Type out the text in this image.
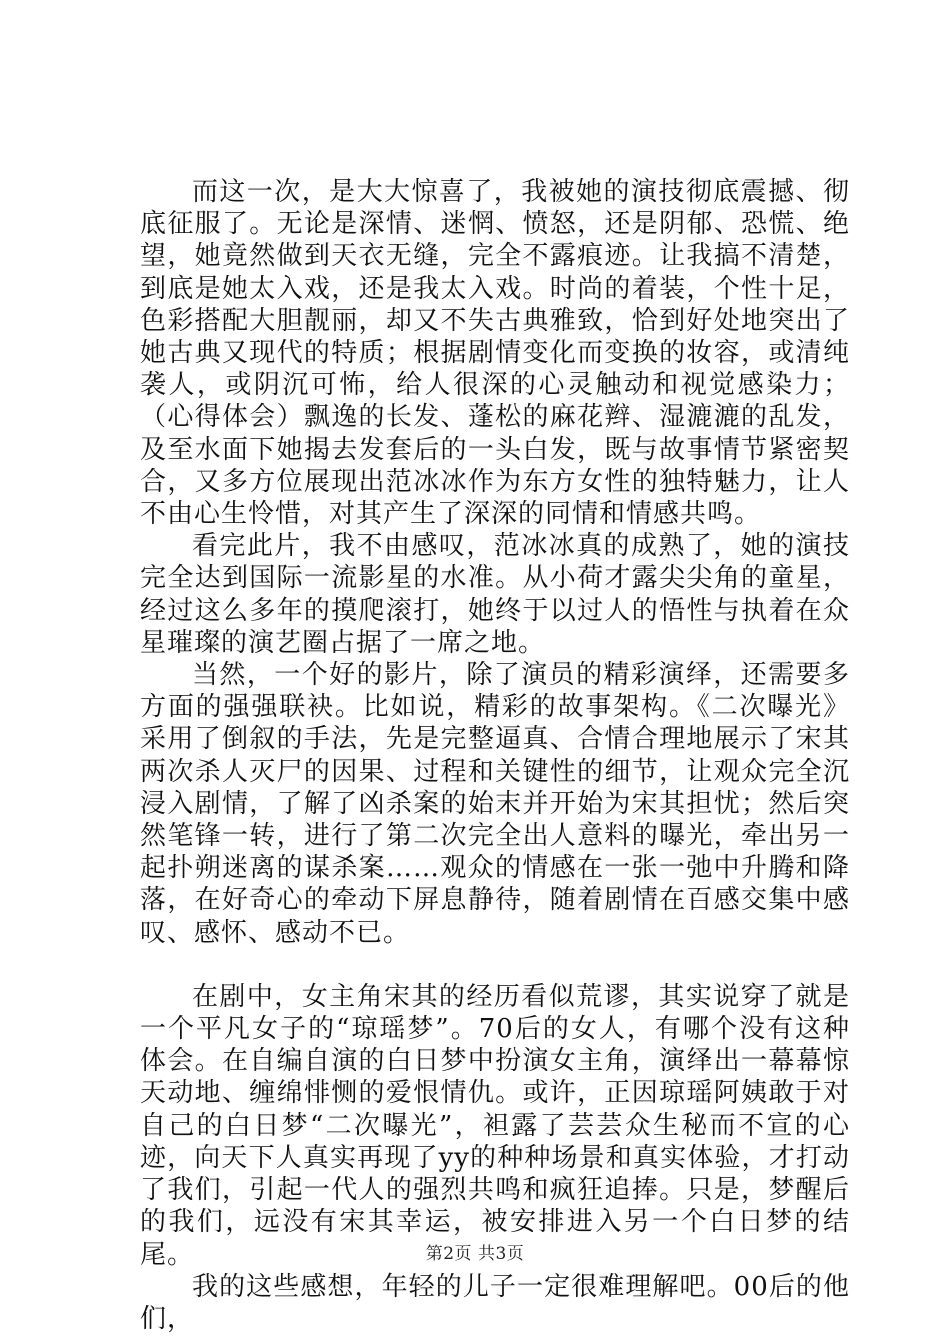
而这一次，是大大惊喜了，我被她的演技彻底震撼、彻底征服了。无论是深情、迷惘、愤怒，还是阴郁、恐慌、绝望，她竟然做到天衣无缝，完全不露痕迹。让我搞不清楚，到底是她太入戏，还是我太入戏。时尚的着装，个性十足，色彩搭配大胆靓丽，却又不失古典雅致，恰到好处地突出了她古典又现代的特质；根据剧情变化而变换的妆容，或清纯袭人，或阴沉可怖，给人很深的心灵触动和视觉感染力；（心得体会）飘逸的长发、蓬松的麻花辫、湿漉漉的乱发，及至水面下她揭去发套后的一头白发，既与故事情节紧密契合，又多方位展现出范冰冰作为东方女性的独特魅力，让人不由心生怜惜，对其产生了深深的同情和情感共鸣。

看完此片，我不由感叹，范冰冰真的成熟了，她的演技完全达到国际一流影星的水准。从小荷才露尖尖角的童星，经过这么多年的摸爬滚打，她终于以过人的悟性与执着在众星璀璨的演艺圈占据了一席之地。

当然，一个好的影片，除了演员的精彩演绎，还需要多方面的强强联袂。比如说，精彩的故事架构。《二次曝光》采用了倒叙的手法，先是完整逼真、合情合理地展示了宋其两次杀人灭尸的因果、过程和关键性的细节，让观众完全沉浸入剧情，了解了凶杀案的始末并开始为宋其担忧；然后突然笔锋一转，进行了第二次完全出人意料的曝光，牵出另一起扑朔迷离的谋杀案……观众的情感在一张一弛中升腾和降落，在好奇心的牵动下屏息静待，随着剧情在百感交集中感叹、感怀、感动不已。

在剧中，女主角宋其的经历看似荒谬，其实说穿了就是一个平凡女子的“琼瑶梦”。70后的女人，有哪个没有这种体会。在自编自演的白日梦中扮演女主角，演绎出一幕幕惊天动地、缠绵悱恻的爱恨情仇。或许，正因琼瑶阿姨敢于对自己的白日梦“二次曝光”，袒露了芸芸众生秘而不宣的心迹，向天下人真实再现了yy的种种场景和真实体验，才打动了我们，引起一代人的强烈共鸣和疯狂追捧。只是，梦醒后的我们，远没有宋其幸运，被安排进入另一个白日梦的结尾。

我的这些感想，年轻的儿子一定很难理解吧。00后的他们，

第2页 共3页
